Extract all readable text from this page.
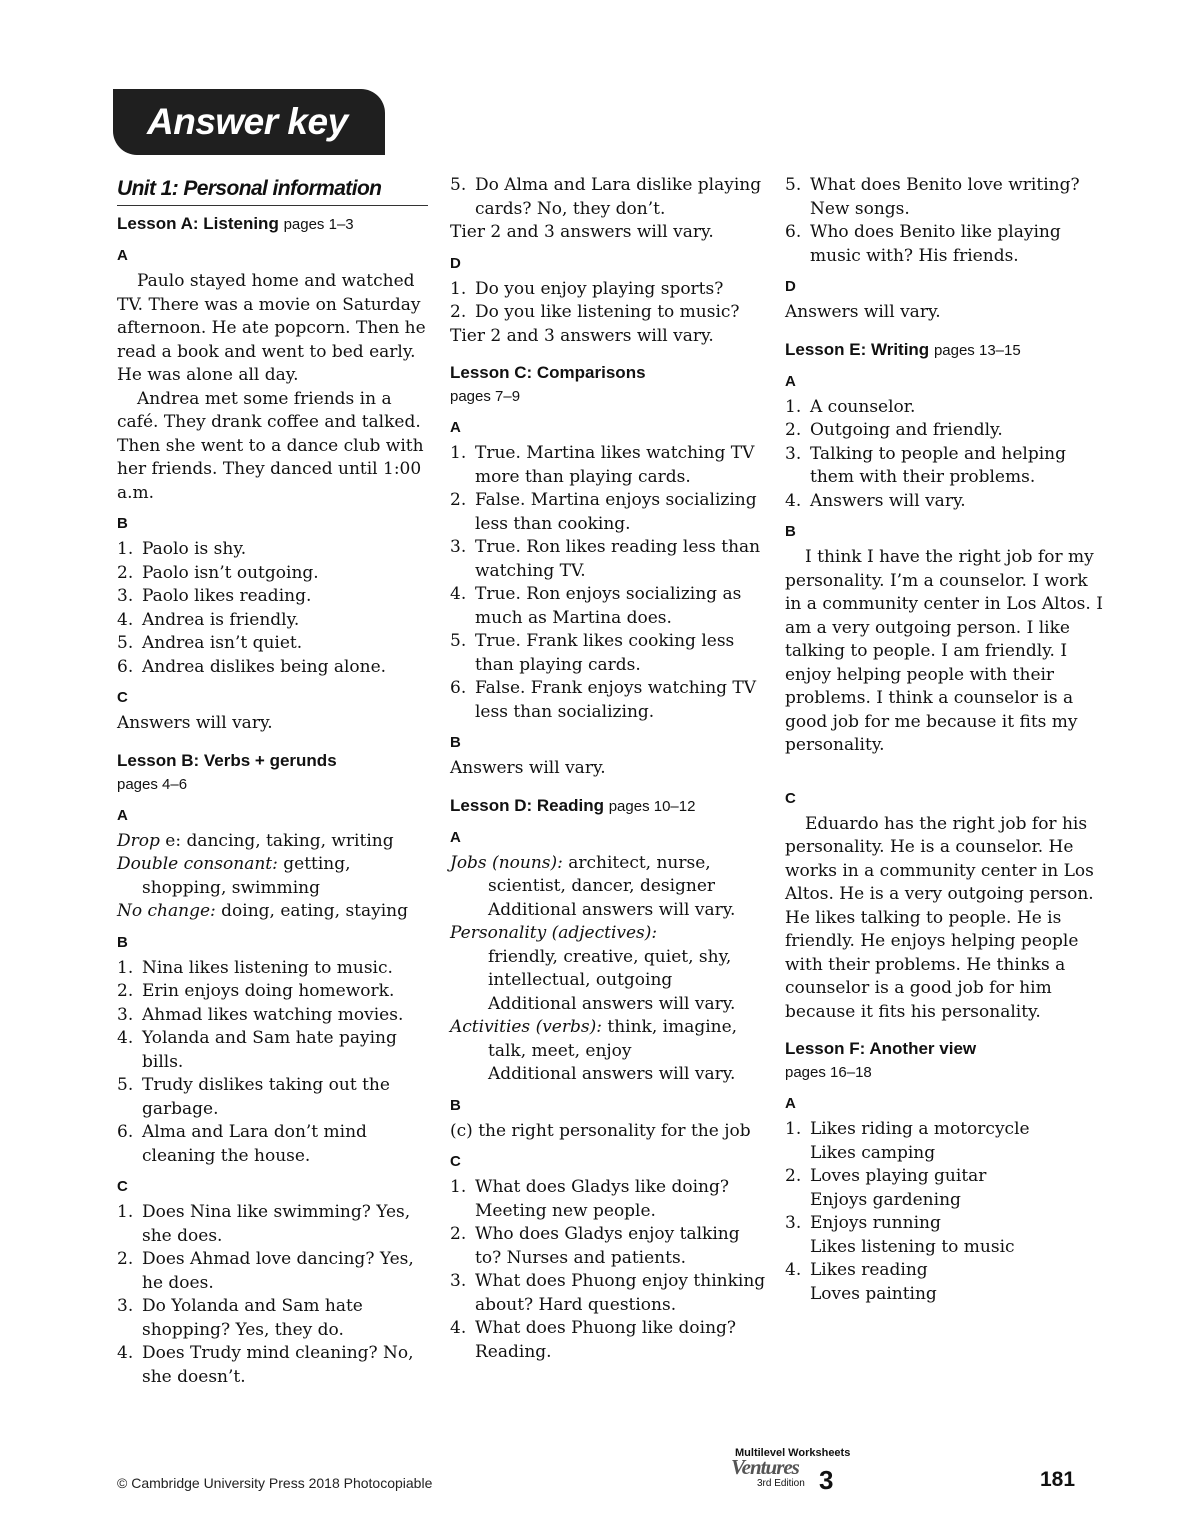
Answer key
Unit 1: Personal information
Lesson A: Listening pages 1–3
A
Paulo stayed home and watched TV. There was a movie on Saturday afternoon. He ate popcorn. Then he read a book and went to bed early. He was alone all day.
Andrea met some friends in a café. They drank coffee and talked. Then she went to a dance club with her friends. They danced until 1:00 a.m.
B
1. Paolo is shy.
2. Paolo isn’t outgoing.
3. Paolo likes reading.
4. Andrea is friendly.
5. Andrea isn’t quiet.
6. Andrea dislikes being alone.
C
Answers will vary.
Lesson B: Verbs + gerunds
pages 4–6
A
Drop e: dancing, taking, writing
Double consonant: getting, shopping, swimming
No change: doing, eating, staying
B
1. Nina likes listening to music.
2. Erin enjoys doing homework.
3. Ahmad likes watching movies.
4. Yolanda and Sam hate paying bills.
5. Trudy dislikes taking out the garbage.
6. Alma and Lara don’t mind cleaning the house.
C
1. Does Nina like swimming? Yes, she does.
2. Does Ahmad love dancing? Yes, he does.
3. Do Yolanda and Sam hate shopping? Yes, they do.
4. Does Trudy mind cleaning? No, she doesn’t.
5. Do Alma and Lara dislike playing cards? No, they don’t.
Tier 2 and 3 answers will vary.
D
1. Do you enjoy playing sports?
2. Do you like listening to music?
Tier 2 and 3 answers will vary.
Lesson C: Comparisons
pages 7–9
A
1. True. Martina likes watching TV more than playing cards.
2. False. Martina enjoys socializing less than cooking.
3. True. Ron likes reading less than watching TV.
4. True. Ron enjoys socializing as much as Martina does.
5. True. Frank likes cooking less than playing cards.
6. False. Frank enjoys watching TV less than socializing.
B
Answers will vary.
Lesson D: Reading pages 10–12
A
Jobs (nouns): architect, nurse, scientist, dancer, designer
Additional answers will vary.
Personality (adjectives):
friendly, creative, quiet, shy, intellectual, outgoing
Additional answers will vary.
Activities (verbs): think, imagine, talk, meet, enjoy
Additional answers will vary.
B
(c) the right personality for the job
C
1. What does Gladys like doing? Meeting new people.
2. Who does Gladys enjoy talking to? Nurses and patients.
3. What does Phuong enjoy thinking about? Hard questions.
4. What does Phuong like doing? Reading.
5. What does Benito love writing? New songs.
6. Who does Benito like playing music with? His friends.
D
Answers will vary.
Lesson E: Writing pages 13–15
A
1. A counselor.
2. Outgoing and friendly.
3. Talking to people and helping them with their problems.
4. Answers will vary.
B
I think I have the right job for my personality. I’m a counselor. I work in a community center in Los Altos. I am a very outgoing person. I like talking to people. I am friendly. I enjoy helping people with their problems. I think a counselor is a good job for me because it fits my personality.
C
Eduardo has the right job for his personality. He is a counselor. He works in a community center in Los Altos. He is a very outgoing person. He likes talking to people. He is friendly. He enjoys helping people with their problems. He thinks a counselor is a good job for him because it fits his personality.
Lesson F: Another view
pages 16–18
A
1. Likes riding a motorcycle
Likes camping
2. Loves playing guitar
Enjoys gardening
3. Enjoys running
Likes listening to music
4. Likes reading
Loves painting
© Cambridge University Press 2018 Photocopiable
Multilevel Worksheets
Ventures
3rd Edition 3	181
